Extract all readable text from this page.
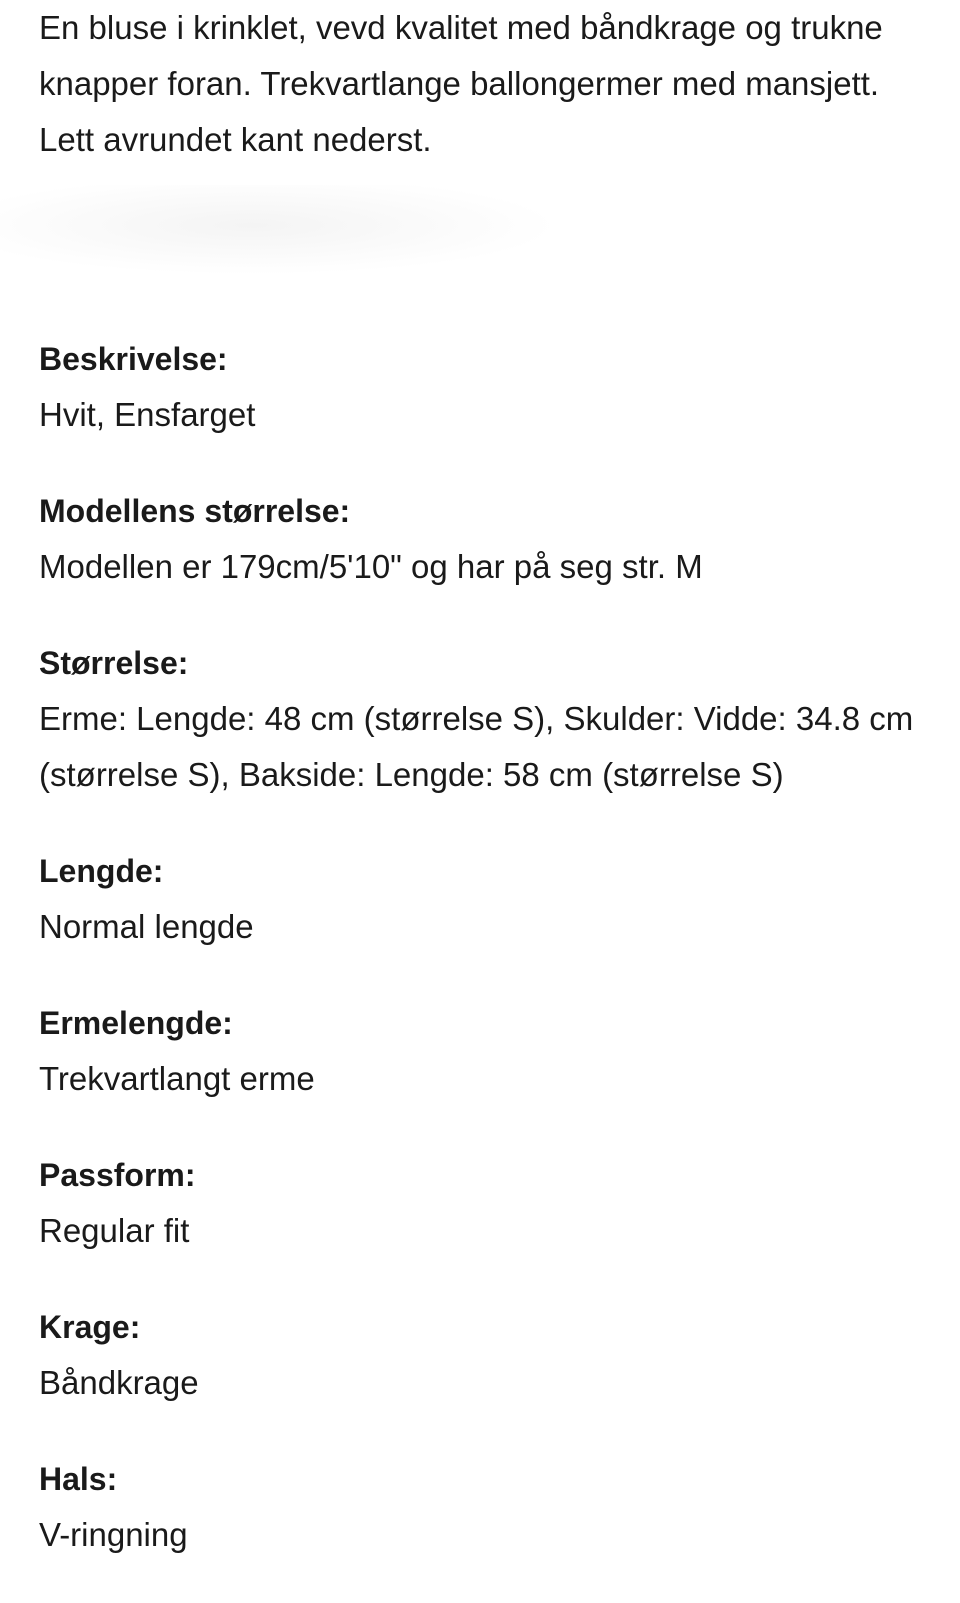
En bluse i krinklet, vevd kvalitet med båndkrage og trukne knapper foran. Trekvartlange ballongermer med mansjett. Lett avrundet kant nederst.

Beskrivelse:

Hvit, Ensfarget

Modellens størrelse:

Modellen er 179cm/5'10" og har på seg str. M

Størrelse:

Erme: Lengde: 48 cm (størrelse S), Skulder: Vidde: 34.8 cm (størrelse S), Bakside: Lengde: 58 cm (størrelse S)

Lengde:

Normal lengde

Ermelengde:

Trekvartlangt erme

Passform:

Regular fit

Krage:

Båndkrage

Hals:

V-ringning
